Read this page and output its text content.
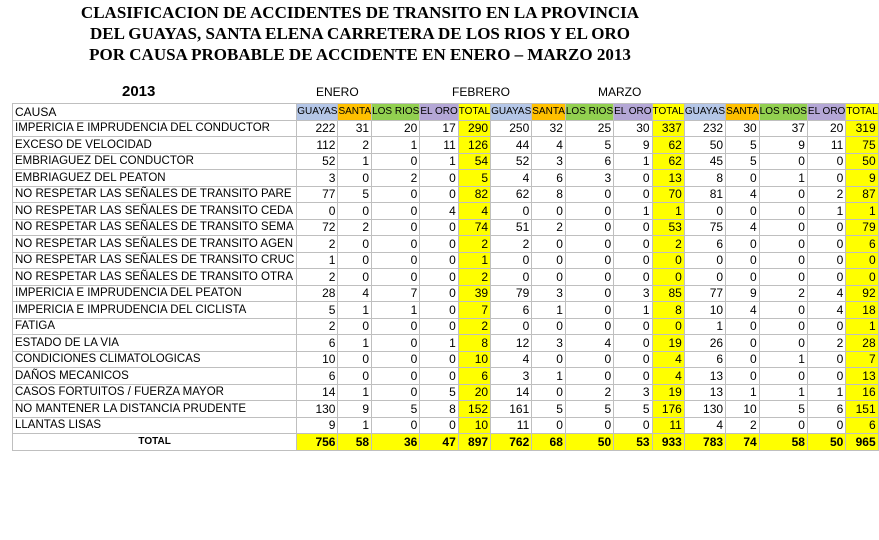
CLASIFICACION DE ACCIDENTES DE TRANSITO EN LA PROVINCIA
DEL GUAYAS, SANTA ELENA CARRETERA DE LOS RIOS Y EL ORO
POR CAUSA PROBABLE DE ACCIDENTE EN ENERO – MARZO 2013
2013	ENERO	FEBRERO	MARZO
CAUSA	GUAYAS	SANTA	LOS RIOS	EL ORO	TOTAL	GUAYAS	SANTA	LOS RIOS	EL ORO	TOTAL	GUAYAS	SANTA	LOS RIOS	EL ORO	TOTAL
IMPERICIA E IMPRUDENCIA DEL CONDUCTOR	222	31	20	17	290	250	32	25	30	337	232	30	37	20	319
EXCESO DE VELOCIDAD	112	2	1	11	126	44	4	5	9	62	50	5	9	11	75
EMBRIAGUEZ DEL CONDUCTOR	52	1	0	1	54	52	3	6	1	62	45	5	0	0	50
EMBRIAGUEZ DEL PEATON	3	0	2	0	5	4	6	3	0	13	8	0	1	0	9
NO RESPETAR LAS SEÑALES DE TRANSITO PARE	77	5	0	0	82	62	8	0	0	70	81	4	0	2	87
NO RESPETAR LAS SEÑALES DE TRANSITO CEDA	0	0	0	4	4	0	0	0	1	1	0	0	0	1	1
NO RESPETAR LAS SEÑALES DE TRANSITO SEMA	72	2	0	0	74	51	2	0	0	53	75	4	0	0	79
NO RESPETAR LAS SEÑALES DE TRANSITO AGEN	2	0	0	0	2	2	0	0	0	2	6	0	0	0	6
NO RESPETAR LAS SEÑALES DE TRANSITO CRUC	1	0	0	0	1	0	0	0	0	0	0	0	0	0	0
NO RESPETAR LAS SEÑALES DE TRANSITO OTRA	2	0	0	0	2	0	0	0	0	0	0	0	0	0	0
IMPERICIA E IMPRUDENCIA DEL PEATON	28	4	7	0	39	79	3	0	3	85	77	9	2	4	92
IMPERICIA E IMPRUDENCIA DEL CICLISTA	5	1	1	0	7	6	1	0	1	8	10	4	0	4	18
FATIGA	2	0	0	0	2	0	0	0	0	0	1	0	0	0	1
ESTADO DE LA VIA	6	1	0	1	8	12	3	4	0	19	26	0	0	2	28
CONDICIONES CLIMATOLOGICAS	10	0	0	0	10	4	0	0	0	4	6	0	1	0	7
DAÑOS MECANICOS	6	0	0	0	6	3	1	0	0	4	13	0	0	0	13
CASOS FORTUITOS / FUERZA MAYOR	14	1	0	5	20	14	0	2	3	19	13	1	1	1	16
NO MANTENER LA DISTANCIA PRUDENTE	130	9	5	8	152	161	5	5	5	176	130	10	5	6	151
LLANTAS LISAS	9	1	0	0	10	11	0	0	0	11	4	2	0	0	6
TOTAL	756	58	36	47	897	762	68	50	53	933	783	74	58	50	965
